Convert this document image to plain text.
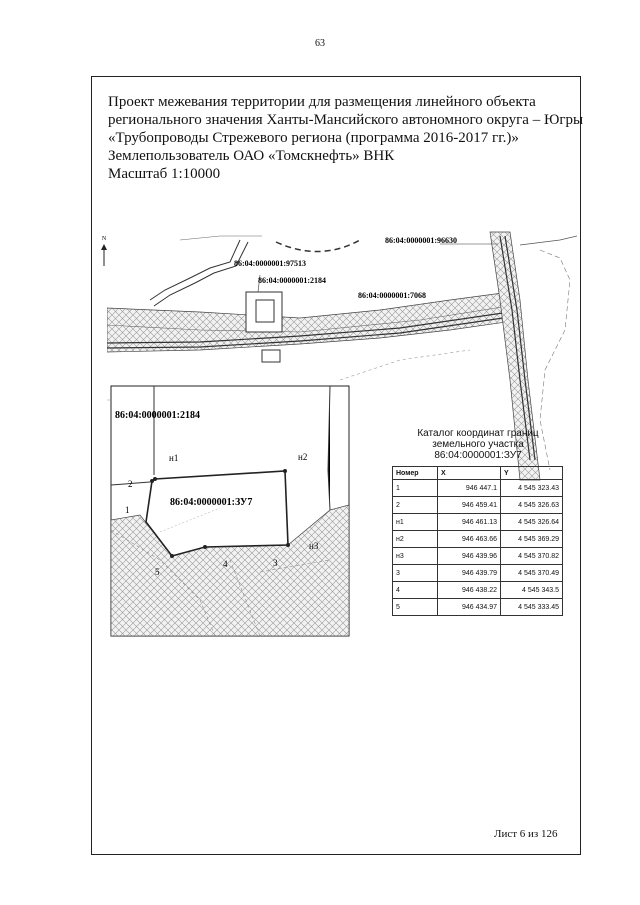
63
Проект межевания территории для размещения линейного объекта
регионального значения Ханты-Мансийского автономного округа – Югры
«Трубопроводы Стрежевого региона (программа 2016-2017 гг.)»
Землепользователь ОАО «Томскнефть» ВНК
Масштаб 1:10000
N	86:04:0000001:96630
86:04:0000001:97513
86:04:0000001:2184
86:04:0000001:7068
86:04:0000001:2184
86:04:0000001:ЗУ7
н1	н2
н3
1
2
3
4
5
Каталог координат границ
земельного участка
86:04:0000001:ЗУ7
Номер	X	Y
1	946 447.1	4 545 323.43
2	946 459.41	4 545 326.63
н1	946 461.13	4 545 326.64
н2	946 463.66	4 545 369.29
н3	946 439.96	4 545 370.82
3	946 439.79	4 545 370.49
4	946 438.22	4 545 343.5
5	946 434.97	4 545 333.45
Лист 6 из 126
